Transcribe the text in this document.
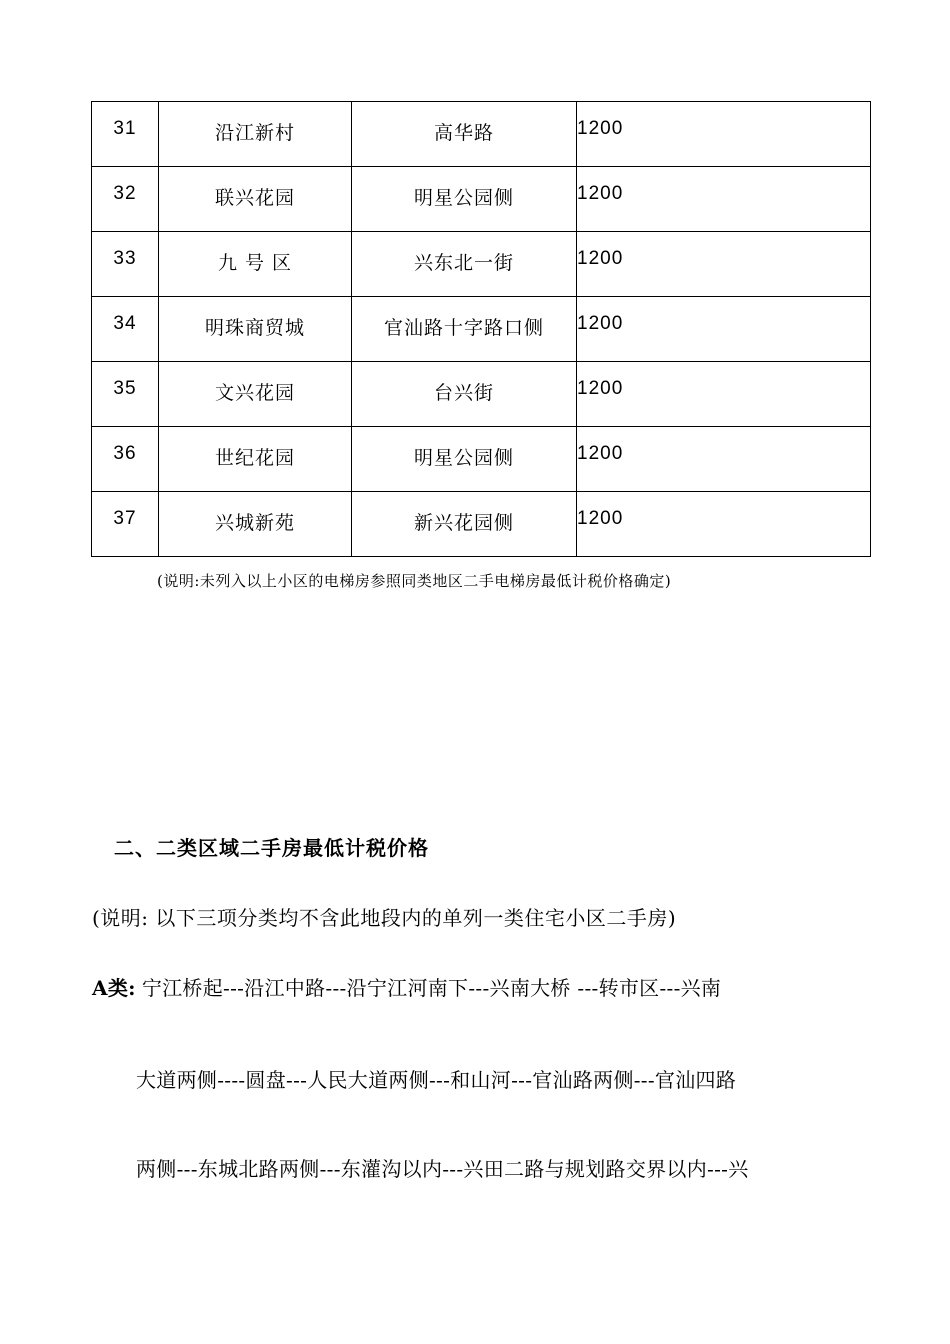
31	沿江新村	高华路	1200
32	联兴花园	明星公园侧	1200
33	九 号 区	兴东北一街	1200
34	明珠商贸城	官汕路十字路口侧	1200
35	文兴花园	台兴街	1200
36	世纪花园	明星公园侧	1200
37	兴城新苑	新兴花园侧	1200
(说明:未列入以上小区的电梯房参照同类地区二手电梯房最低计税价格确定)
二、二类区域二手房最低计税价格
(说明: 以下三项分类均不含此地段内的单列一类住宅小区二手房)
A类: 宁江桥起---沿江中路---沿宁江河南下---兴南大桥 ---转市区---兴南
大道两侧----圆盘---人民大道两侧---和山河---官汕路两侧---官汕四路
两侧---东城北路两侧---东灌沟以内---兴田二路与规划路交界以内---兴
